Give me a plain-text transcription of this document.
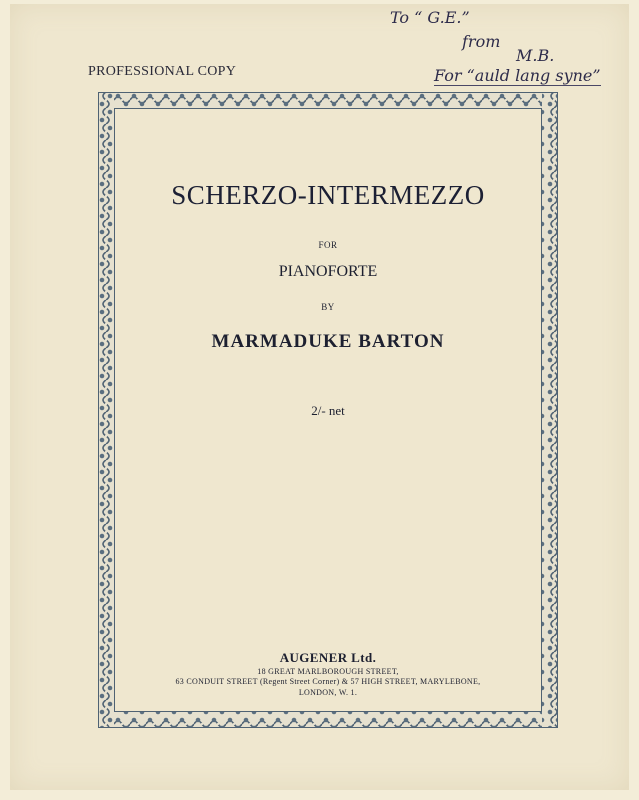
PROFESSIONAL COPY
To “ G.E.”
from
M.B.
For “auld lang syne”
SCHERZO-INTERMEZZO
FOR
PIANOFORTE
BY
MARMADUKE BARTON
2/- net
AUGENER Ltd.
18 GREAT MARLBOROUGH STREET,
63 CONDUIT STREET (Regent Street Corner) & 57 HIGH STREET, MARYLEBONE,
LONDON, W. 1.
